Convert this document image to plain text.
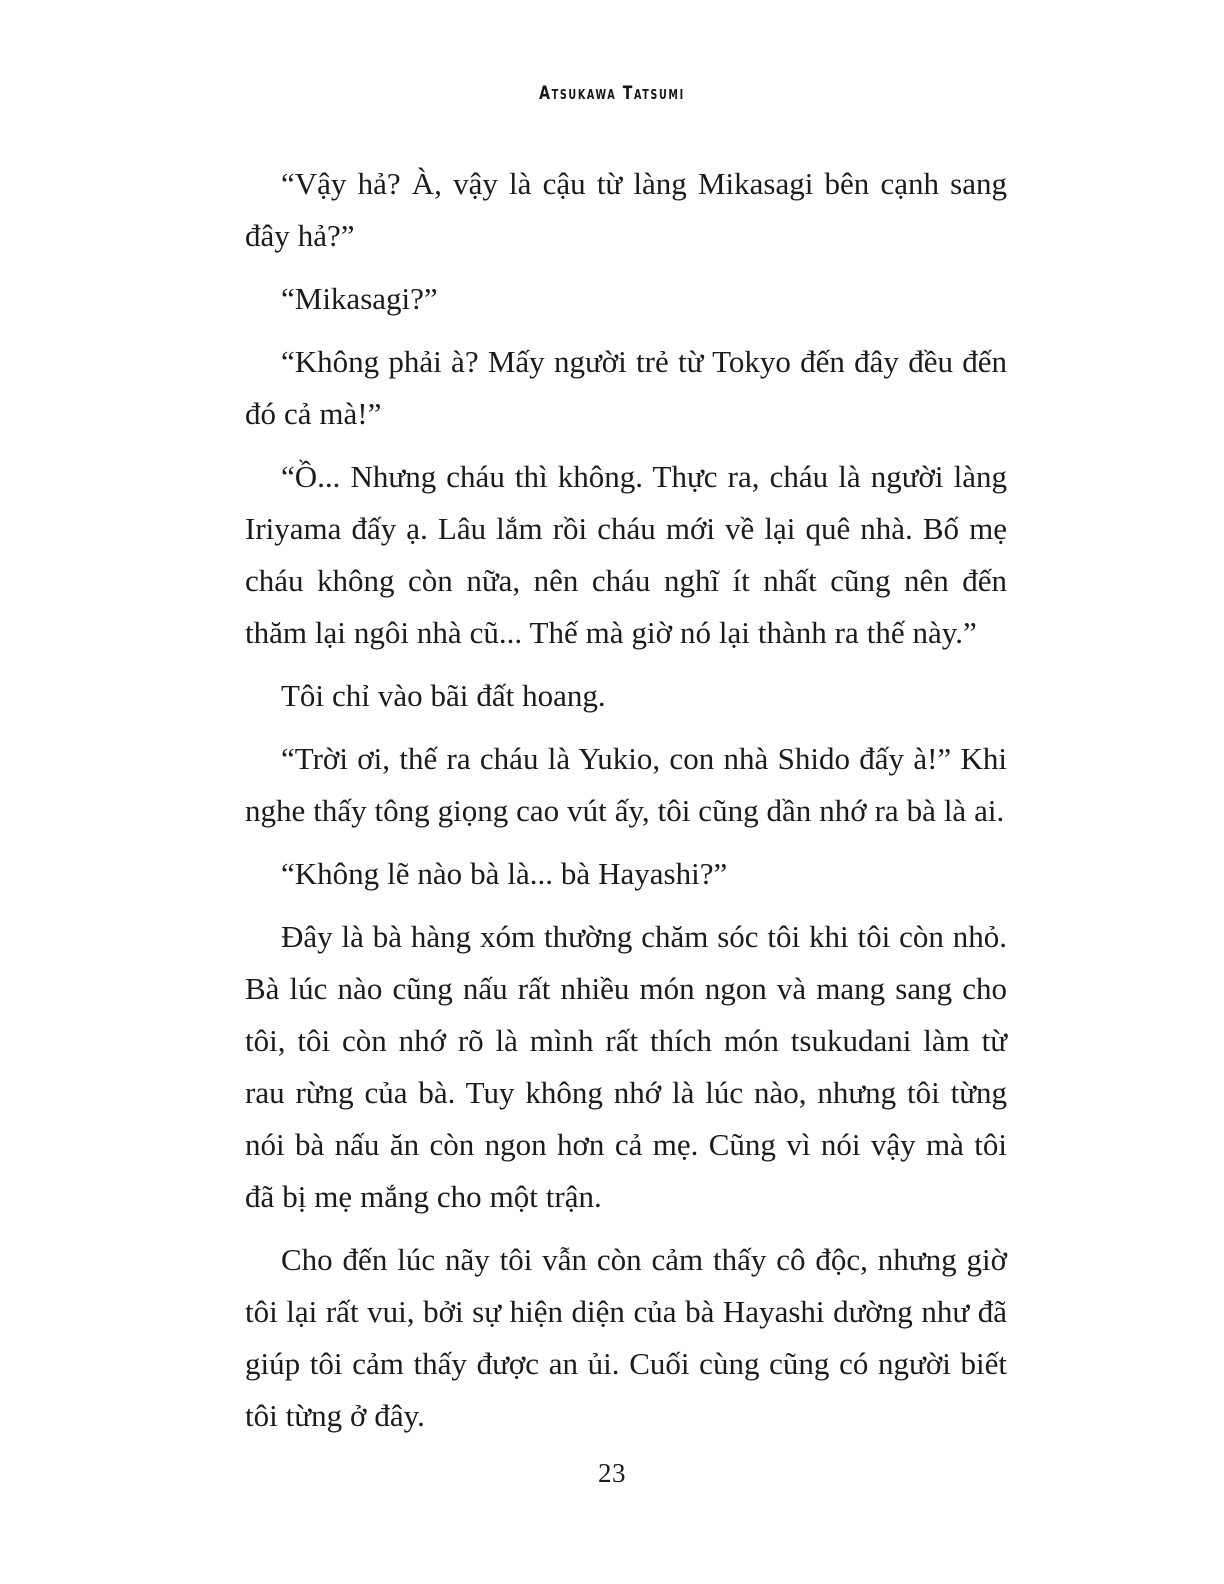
Atsukawa Tatsumi

“Vậy hả? À, vậy là cậu từ làng Mikasagi bên cạnh sang đây hả?”

“Mikasagi?”

“Không phải à? Mấy người trẻ từ Tokyo đến đây đều đến đó cả mà!”

“Ồ... Nhưng cháu thì không. Thực ra, cháu là người làng Iriyama đấy ạ. Lâu lắm rồi cháu mới về lại quê nhà. Bố mẹ cháu không còn nữa, nên cháu nghĩ ít nhất cũng nên đến thăm lại ngôi nhà cũ... Thế mà giờ nó lại thành ra thế này.”

Tôi chỉ vào bãi đất hoang.

“Trời ơi, thế ra cháu là Yukio, con nhà Shido đấy à!” Khi nghe thấy tông giọng cao vút ấy, tôi cũng dần nhớ ra bà là ai.

“Không lẽ nào bà là... bà Hayashi?”

Đây là bà hàng xóm thường chăm sóc tôi khi tôi còn nhỏ. Bà lúc nào cũng nấu rất nhiều món ngon và mang sang cho tôi, tôi còn nhớ rõ là mình rất thích món tsukudani làm từ rau rừng của bà. Tuy không nhớ là lúc nào, nhưng tôi từng nói bà nấu ăn còn ngon hơn cả mẹ. Cũng vì nói vậy mà tôi đã bị mẹ mắng cho một trận.

Cho đến lúc nãy tôi vẫn còn cảm thấy cô độc, nhưng giờ tôi lại rất vui, bởi sự hiện diện của bà Hayashi dường như đã giúp tôi cảm thấy được an ủi. Cuối cùng cũng có người biết tôi từng ở đây.

23
